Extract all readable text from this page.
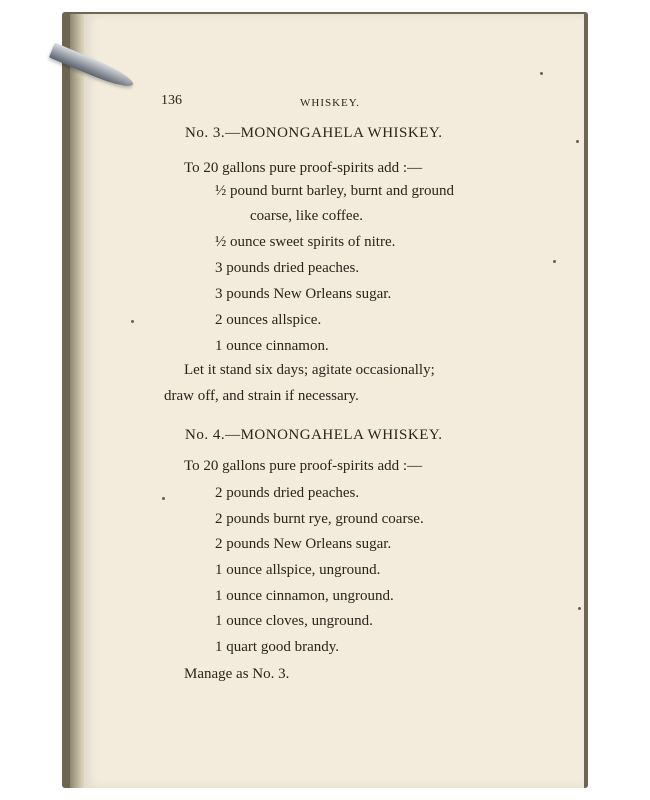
136	WHISKEY.
No. 3.—MONONGAHELA WHISKEY.
To 20 gallons pure proof-spirits add :—
½ pound burnt barley, burnt and ground
coarse, like coffee.
½ ounce sweet spirits of nitre.
3 pounds dried peaches.
3 pounds New Orleans sugar.
2 ounces allspice.
1 ounce cinnamon.
Let it stand six days; agitate occasionally;
draw off, and strain if necessary.
No. 4.—MONONGAHELA WHISKEY.
To 20 gallons pure proof-spirits add :—
2 pounds dried peaches.
2 pounds burnt rye, ground coarse.
2 pounds New Orleans sugar.
1 ounce allspice, unground.
1 ounce cinnamon, unground.
1 ounce cloves, unground.
1 quart good brandy.
Manage as No. 3.
